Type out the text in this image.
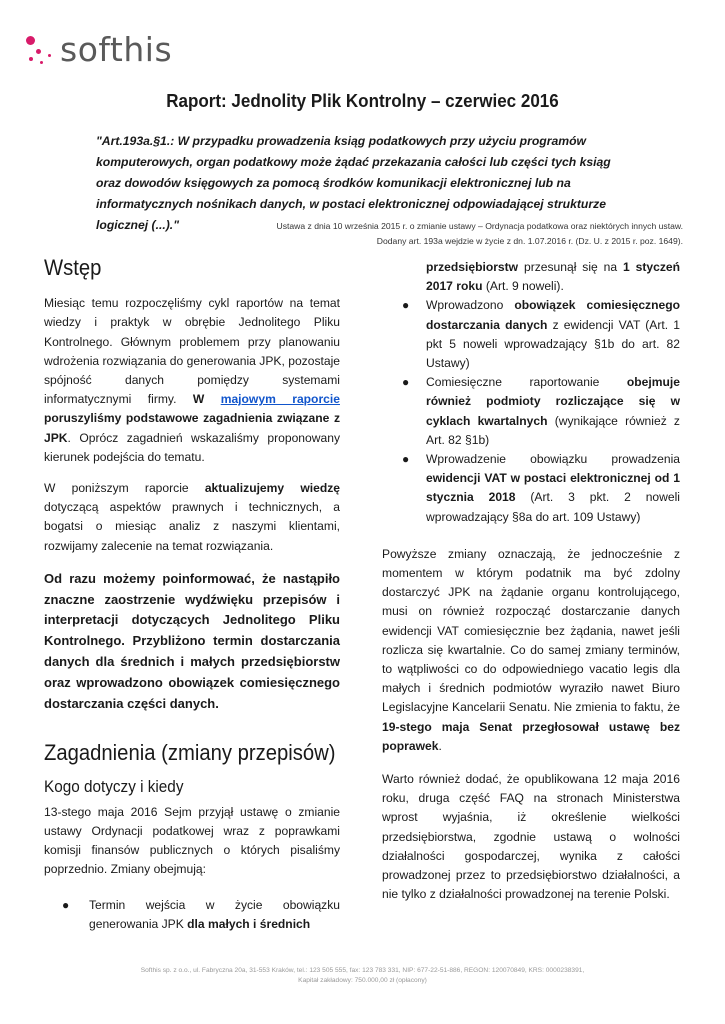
softhis
Raport: Jednolity Plik Kontrolny – czerwiec 2016
"Art.193a.§1.: W przypadku prowadzenia ksiąg podatkowych przy użyciu programów komputerowych, organ podatkowy może żądać przekazania całości lub części tych ksiąg oraz dowodów księgowych za pomocą środków komunikacji elektronicznej lub na informatycznych nośnikach danych, w postaci elektronicznej odpowiadającej strukturze logicznej (...)."	Ustawa z dnia 10 września 2015 r. o zmianie ustawy – Ordynacja podatkowa oraz niektórych innych ustaw.
Dodany art. 193a wejdzie w życie z dn. 1.07.2016 r. (Dz. U. z 2015 r. poz. 1649).
Wstęp

Miesiąc temu rozpoczęliśmy cykl raportów na temat wiedzy i praktyk w obrębie Jednolitego Pliku Kontrolnego. Głównym problemem przy planowaniu wdrożenia rozwiązania do generowania JPK, pozostaje spójność danych pomiędzy systemami informatycznymi firmy. W majowym raporcie poruszyliśmy podstawowe zagadnienia związane z JPK. Oprócz zagadnień wskazaliśmy proponowany kierunek podejścia do tematu.

W poniższym raporcie aktualizujemy wiedzę dotyczącą aspektów prawnych i technicznych, a bogatsi o miesiąc analiz z naszymi klientami, rozwijamy zalecenie na temat rozwiązania.

Od razu możemy poinformować, że nastąpiło znaczne zaostrzenie wydźwięku przepisów i interpretacji dotyczących Jednolitego Pliku Kontrolnego. Przybliżono termin dostarczania danych dla średnich i małych przedsiębiorstw oraz wprowadzono obowiązek comiesięcznego dostarczania części danych.

Zagadnienia (zmiany przepisów)
Kogo dotyczy i kiedy

13-stego maja 2016 Sejm przyjął ustawę o zmianie ustawy Ordynacji podatkowej wraz z poprawkami komisji finansów publicznych o których pisaliśmy poprzednio. Zmiany obejmują:

● Termin wejścia w życie obowiązku generowania JPK dla małych i średnich
przedsiębiorstw przesunął się na 1 styczeń 2017 roku (Art. 9 noweli).
● Wprowadzono obowiązek comiesięcznego dostarczania danych z ewidencji VAT (Art. 1 pkt 5 noweli wprowadzający §1b do art. 82 Ustawy)
● Comiesięczne raportowanie obejmuje również podmioty rozliczające się w cyklach kwartalnych (wynikające również z Art. 82 §1b)
● Wprowadzenie obowiązku prowadzenia ewidencji VAT w postaci elektronicznej od 1 stycznia 2018 (Art. 3 pkt. 2 noweli wprowadzający §8a do art. 109 Ustawy)

Powyższe zmiany oznaczają, że jednocześnie z momentem w którym podatnik ma być zdolny dostarczyć JPK na żądanie organu kontrolującego, musi on również rozpocząć dostarczanie danych ewidencji VAT comiesięcznie bez żądania, nawet jeśli rozlicza się kwartalnie. Co do samej zmiany terminów, to wątpliwości co do odpowiedniego vacatio legis dla małych i średnich podmiotów wyraziło nawet Biuro Legislacyjne Kancelarii Senatu. Nie zmienia to faktu, że 19-stego maja Senat przegłosował ustawę bez poprawek.

Warto również dodać, że opublikowana 12 maja 2016 roku, druga część FAQ na stronach Ministerstwa wprost wyjaśnia, iż określenie wielkości przedsiębiorstwa, zgodnie ustawą o wolności działalności gospodarczej, wynika z całości prowadzonej przez to przedsiębiorstwo działalności, a nie tylko z działalności prowadzonej na terenie Polski.

Softhis sp. z o.o., ul. Fabryczna 20a, 31-553 Kraków, tel.: 123 505 555, fax: 123 783 331, NIP: 677-22-51-886, REGON: 120070849, KRS: 0000238391,
Kapitał zakładowy: 750.000,00 zł (opłacony)
